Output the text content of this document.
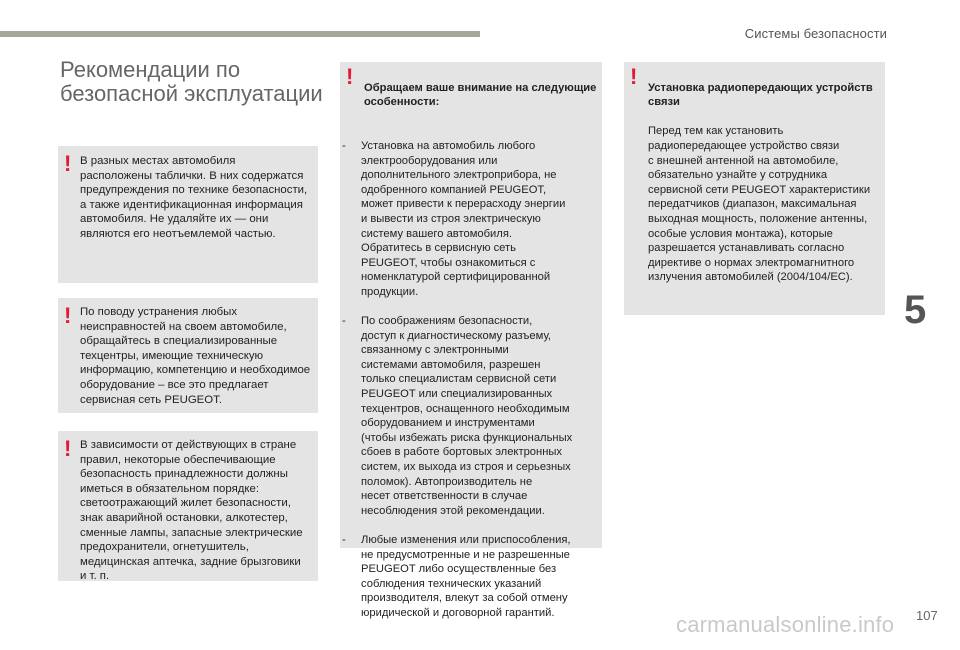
Системы безопасности
Рекомендации по
безопасной эксплуатации
! В разных местах автомобиля
расположены таблички. В них содержатся
предупреждения по технике безопасности,
а также идентификационная информация
автомобиля. Не удаляйте их — они
являются его неотъемлемой частью.
! По поводу устранения любых
неисправностей на своем автомобиле,
обращайтесь в специализированные
техцентры, имеющие техническую
информацию, компетенцию и необходимое
оборудование – все это предлагает
сервисная сеть PEUGEOT.
! В зависимости от действующих в стране
правил, некоторые обеспечивающие
безопасность принадлежности должны
иметься в обязательном порядке:
светоотражающий жилет безопасности,
знак аварийной остановки, алкотестер,
сменные лампы, запасные электрические
предохранители, огнетушитель,
медицинская аптечка, задние брызговики
и т. п.
! Обращаем ваше внимание на следующие
особенности:

- Установка на автомобиль любого
электрооборудования или
дополнительного электроприбора, не
одобренного компанией PEUGEOT,
может привести к перерасходу энергии
и вывести из строя электрическую
систему вашего автомобиля.
Обратитесь в сервисную сеть
PEUGEOT, чтобы ознакомиться с
номенклатурой сертифицированной
продукции.

- По соображениям безопасности,
доступ к диагностическому разъему,
связанному с электронными
системами автомобиля, разрешен
только специалистам сервисной сети
PEUGEOT или специализированных
техцентров, оснащенного необходимым
оборудованием и инструментами
(чтобы избежать риска функциональных
сбоев в работе бортовых электронных
систем, их выхода из строя и серьезных
поломок). Автопроизводитель не
несет ответственности в случае
несоблюдения этой рекомендации.

- Любые изменения или приспособления,
не предусмотренные и не разрешенные
PEUGEOT либо осуществленные без
соблюдения технических указаний
производителя, влекут за собой отмену
юридической и договорной гарантий.

! Установка радиопередающих устройств
связи

Перед тем как установить
радиопередающее устройство связи
с внешней антенной на автомобиле,
обязательно узнайте у сотрудника
сервисной сети PEUGEOT характеристики
передатчиков (диапазон, максимальная
выходная мощность, положение антенны,
особые условия монтажа), которые
разрешается устанавливать согласно
директиве о нормах электромагнитного
излучения автомобилей (2004/104/EC).

5
carmanualsonline.info 107
